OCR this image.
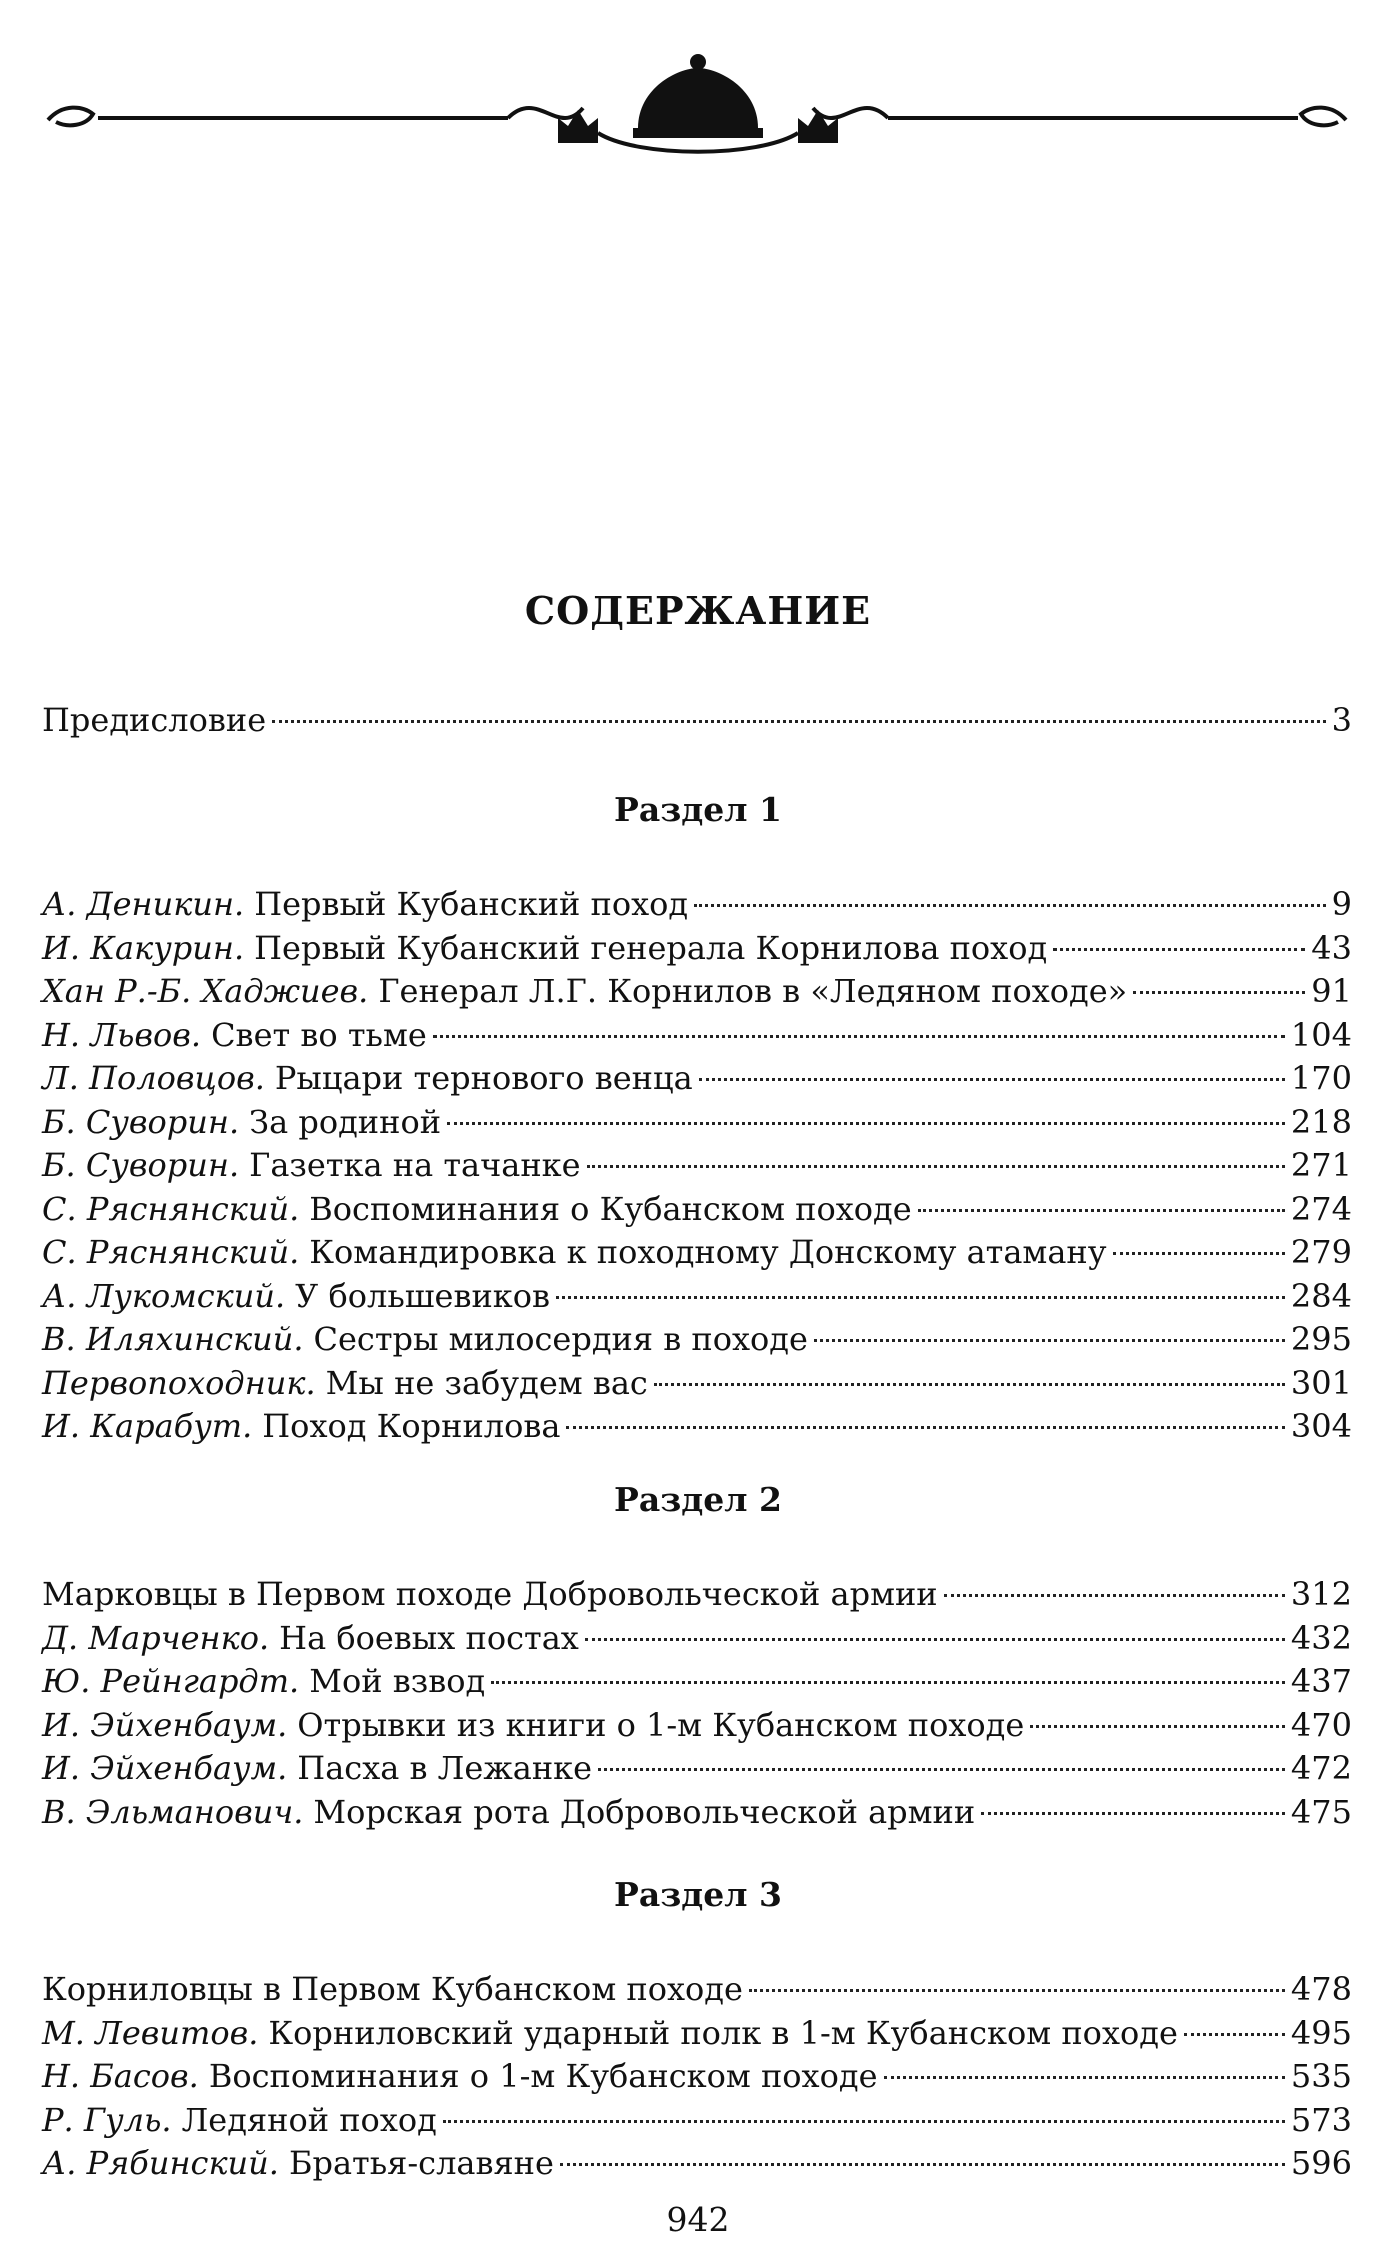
СОДЕРЖАНИЕ
Предисловие	3
Раздел 1
А. Деникин. Первый Кубанский поход	9
И. Какурин. Первый Кубанский генерала Корнилова поход	43
Хан Р.-Б. Хаджиев. Генерал Л.Г. Корнилов в «Ледяном походе»	91
Н. Львов. Свет во тьме	104
Л. Половцов. Рыцари тернового венца	170
Б. Суворин. За родиной	218
Б. Суворин. Газетка на тачанке	271
С. Ряснянский. Воспоминания о Кубанском походе	274
С. Ряснянский. Командировка к походному Донскому атаману	279
А. Лукомский. У большевиков	284
В. Иляхинский. Сестры милосердия в походе	295
Первопоходник. Мы не забудем вас	301
И. Карабут. Поход Корнилова	304
Раздел 2
Марковцы в Первом походе Добровольческой армии	312
Д. Марченко. На боевых постах	432
Ю. Рейнгардт. Мой взвод	437
И. Эйхенбаум. Отрывки из книги о 1-м Кубанском походе	470
И. Эйхенбаум. Пасха в Лежанке	472
В. Эльманович. Морская рота Добровольческой армии	475
Раздел 3
Корниловцы в Первом Кубанском походе	478
М. Левитов. Корниловский ударный полк в 1-м Кубанском походе	495
Н. Басов. Воспоминания о 1-м Кубанском походе	535
Р. Гуль. Ледяной поход	573
А. Рябинский. Братья-славяне	596
942
